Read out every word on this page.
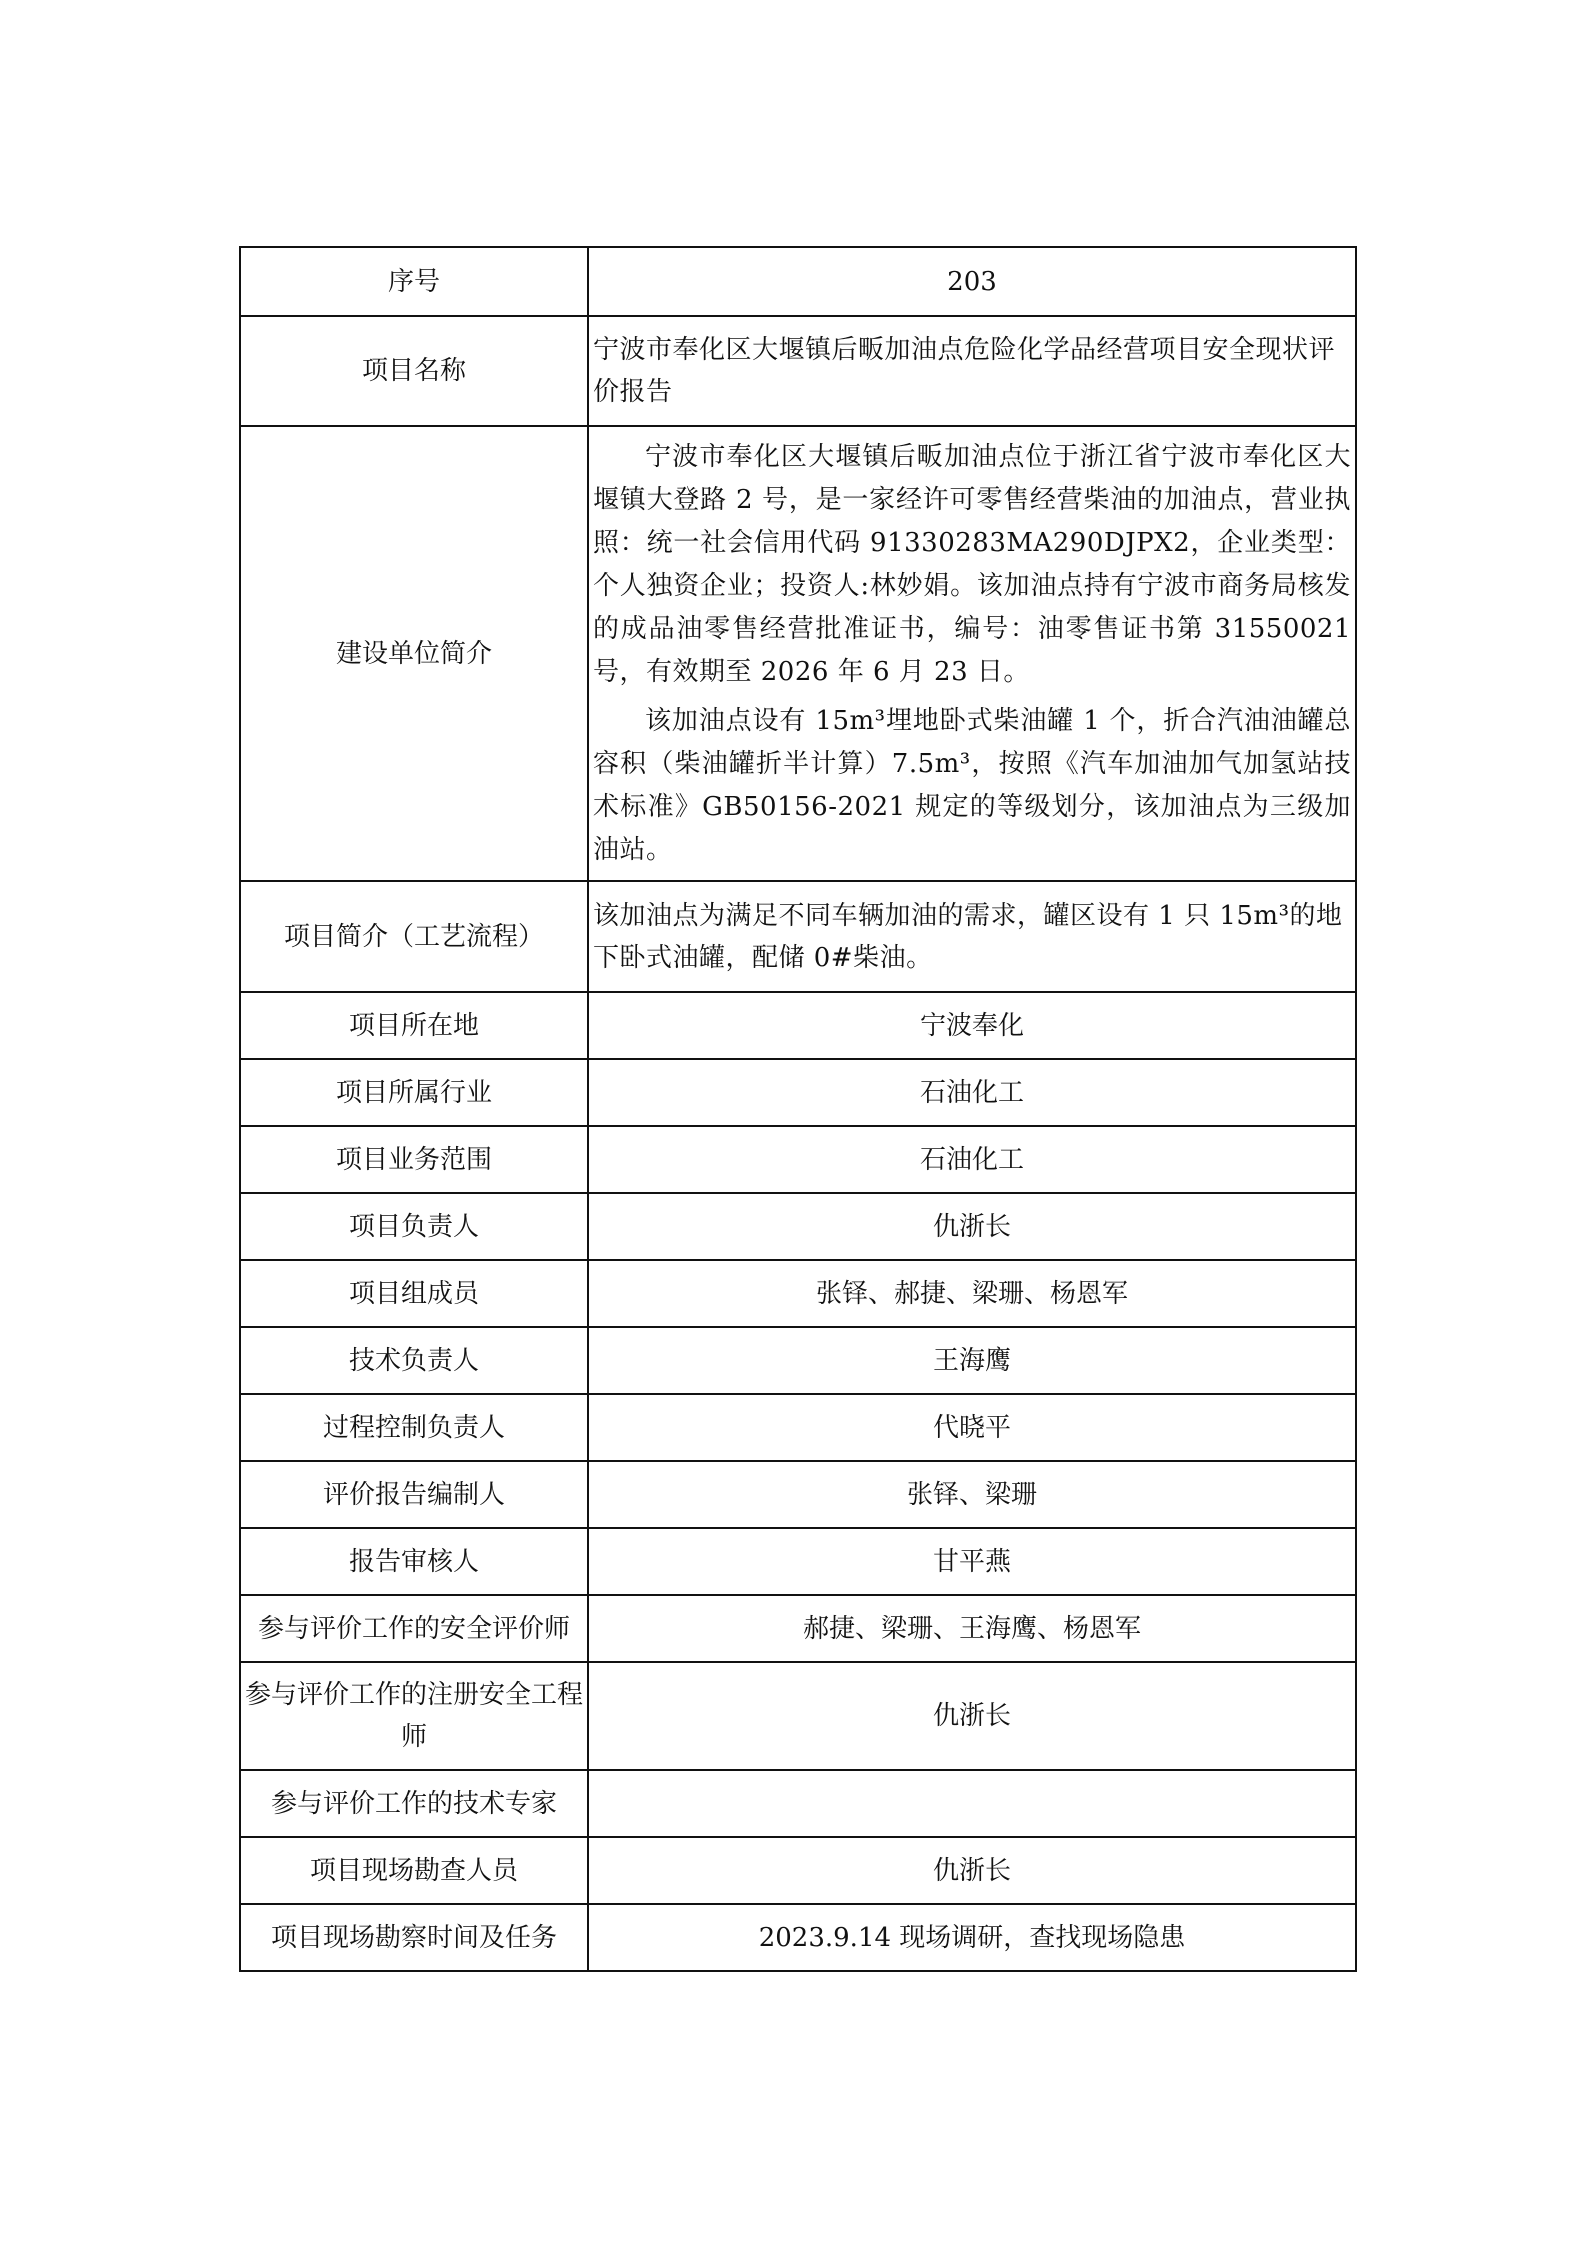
序号	203
项目名称	宁波市奉化区大堰镇后畈加油点危险化学品经营项目安全现状评价报告
建设单位简介	宁波市奉化区大堰镇后畈加油点位于浙江省宁波市奉化区大堰镇大登路 2 号，是一家经许可零售经营柴油的加油点，营业执照：统一社会信用代码 91330283MA290DJPX2，企业类型：个人独资企业；投资人:林妙娟。该加油点持有宁波市商务局核发的成品油零售经营批准证书，编号：油零售证书第 31550021 号，有效期至 2026 年 6 月 23 日。

该加油点设有 15m³埋地卧式柴油罐 1 个，折合汽油油罐总容积（柴油罐折半计算）7.5m³，按照《汽车加油加气加氢站技术标准》GB50156-2021 规定的等级划分，该加油点为三级加油站。

项目简介（工艺流程）	该加油点为满足不同车辆加油的需求，罐区设有 1 只 15m³的地下卧式油罐，配储 0#柴油。
项目所在地	宁波奉化
项目所属行业	石油化工
项目业务范围	石油化工
项目负责人	仇浙长
项目组成员	张铎、郝捷、梁珊、杨恩军
技术负责人	王海鹰
过程控制负责人	代晓平
评价报告编制人	张铎、梁珊
报告审核人	甘平燕
参与评价工作的安全评价师	郝捷、梁珊、王海鹰、杨恩军
参与评价工作的注册安全工程师	仇浙长
参与评价工作的技术专家	
项目现场勘查人员	仇浙长
项目现场勘察时间及任务	2023.9.14 现场调研，查找现场隐患
